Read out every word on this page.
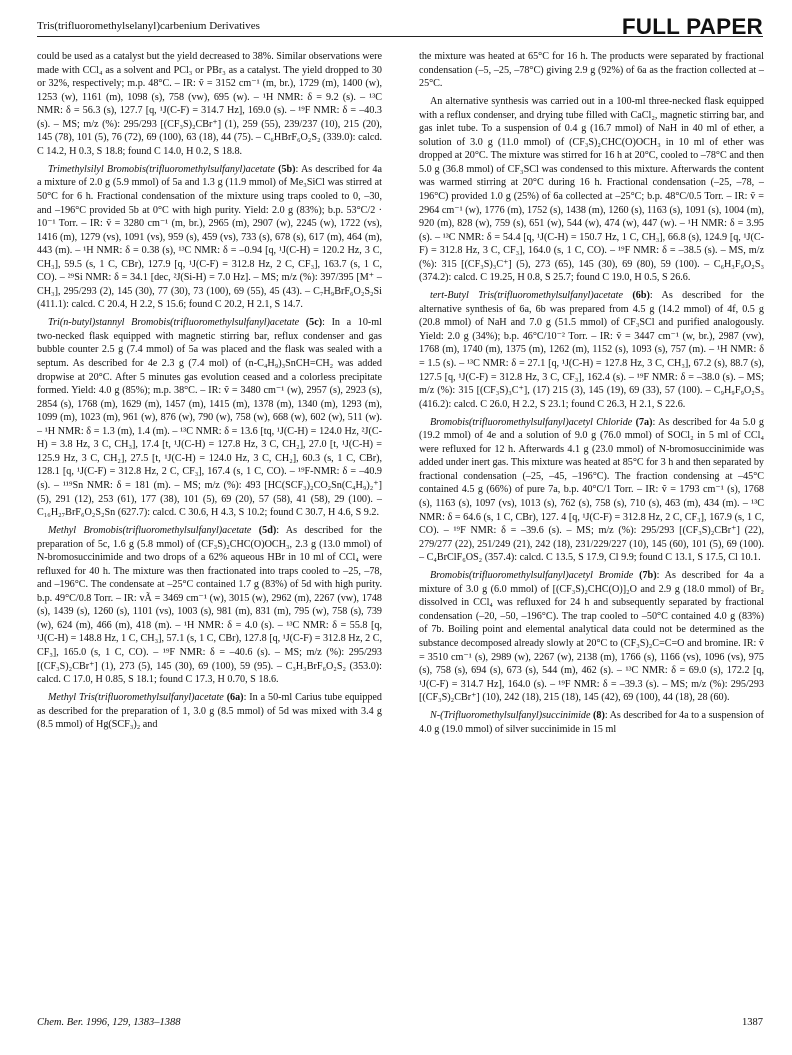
Tris(trifluoromethylselanyl)carbenium Derivatives	FULL PAPER

could be used as a catalyst but the yield decreased to 38%. Similar observations were made with CCl₄ as a solvent and PCl₃ or PBr₃ as a catalyst. The yield dropped to 30 or 32%, respectively; m.p. 48°C. – IR: ṽ = 3152 cm⁻¹ (m, br.), 1729 (m), 1400 (w), 1253 (w), 1161 (m), 1098 (s), 758 (vw), 695 (w). – ¹H NMR: δ = 9.2 (s). – ¹³C NMR: δ = 56.3 (s), 127.7 [q, ¹J(C-F) = 314.7 Hz], 169.0 (s). – ¹⁹F NMR: δ = –40.3 (s). – MS; m/z (%): 295/293 [(CF₃S)₂CBr⁺] (1), 259 (55), 239/237 (10), 215 (20), 145 (78), 101 (5), 76 (72), 69 (100), 63 (18), 44 (75). – C₆HBrF₆O₂S₂ (339.0): calcd. C 14.2, H 0.3, S 18.8; found C 14.0, H 0.2, S 18.8.

Trimethylsilyl Bromobis(trifluoromethylsulfanyl)acetate (5b): As described for 4a a mixture of 2.0 g (5.9 mmol) of 5a and 1.3 g (11.9 mmol) of Me₃SiCl was stirred at 50°C for 6 h. Fractional condensation of the mixture using traps cooled to 0, –30, and –196°C provided 5b at 0°C with high purity. Yield: 2.0 g (83%); b.p. 53°C/2 · 10⁻¹ Torr. – IR: ṽ = 3280 cm⁻¹ (m, br.), 2965 (m), 2907 (w), 2245 (w), 1722 (vs), 1416 (m), 1279 (vs), 1091 (vs), 959 (s), 459 (vs), 733 (s), 678 (s), 617 (m), 464 (m), 443 (m). – ¹H NMR: δ = 0.38 (s), ¹³C NMR: δ = –0.94 [q, ¹J(C-H) = 120.2 Hz, 3 C, CH₃], 59.5 (s, 1 C, CBr), 127.9 [q, ¹J(C-F) = 312.8 Hz, 2 C, CF₃], 163.7 (s, 1 C, CO). – ²⁹Si NMR: δ = 34.1 [dec, ²J(Si-H) = 7.0 Hz]. – MS; m/z (%): 397/395 [M⁺ – CH₃], 295/293 (2), 145 (30), 77 (30), 73 (100), 69 (55), 45 (43). – C₇H₉BrF₆O₂S₂Si (411.1): calcd. C 20.4, H 2.2, S 15.6; found C 20.2, H 2.1, S 14.7.

Tri(n-butyl)stannyl Bromobis(trifluoromethylsulfanyl)acetate (5c): In a 10-ml two-necked flask equipped with magnetic stirring bar, reflux condenser and gas bubble counter 2.5 g (7.4 mmol) of 5a was placed and the flask was sealed with a septum. As described for 4e 2.3 g (7.4 mol) of (n-C₄H₉)₃SnCH=CH₂ was added dropwise at 20°C. After 5 minutes gas evolution ceased and a colorless precipitate formed. Yield: 4.0 g (85%); m.p. 38°C. – IR: ṽ = 3480 cm⁻¹ (w), 2957 (s), 2923 (s), 2854 (s), 1768 (m), 1629 (m), 1457 (m), 1415 (m), 1378 (m), 1340 (m), 1293 (m), 1099 (m), 1023 (m), 961 (w), 876 (w), 790 (w), 758 (w), 668 (w), 602 (w), 511 (w). – ¹H NMR: δ = 1.3 (m), 1.4 (m). – ¹³C NMR: δ = 13.6 [tq, ¹J(C-H) = 124.0 Hz, ²J(C-H) = 3.8 Hz, 3 C, CH₃], 17.4 [t, ¹J(C-H) = 127.8 Hz, 3 C, CH₂], 27.0 [t, ¹J(C-H) = 125.9 Hz, 3 C, CH₂], 27.5 [t, ¹J(C-H) = 124.0 Hz, 3 C, CH₂], 60.3 (s, 1 C, CBr), 128.1 [q, ¹J(C-F) = 312.8 Hz, 2 C, CF₃], 167.4 (s, 1 C, CO). – ¹⁹F-NMR: δ = –40.9 (s). – ¹¹⁹Sn NMR: δ = 181 (m). – MS; m/z (%): 493 [HC(SCF₃)₂CO₂Sn(C₄H₉)₂⁺] (5), 291 (12), 253 (61), 177 (38), 101 (5), 69 (20), 57 (58), 41 (58), 29 (100). – C₁₆H₂₇BrF₆O₂S₂Sn (627.7): calcd. C 30.6, H 4.3, S 10.2; found C 30.7, H 4.6, S 9.2.

Methyl Bromobis(trifluoromethylsulfanyl)acetate (5d): As described for the preparation of 5c, 1.6 g (5.8 mmol) of (CF₃S)₂CHC(O)OCH₃, 2.3 g (13.0 mmol) of N-bromosuccinimide and two drops of a 62% aqueous HBr in 10 ml of CCl₄ were refluxed for 40 h. The mixture was then fractionated into traps cooled to –25, –78, and –196°C. The condensate at –25°C contained 1.7 g (83%) of 5d with high purity. b.p. 49°C/0.8 Torr. – IR: vÃ = 3469 cm⁻¹ (w), 3015 (w), 2962 (m), 2267 (vw), 1748 (s), 1439 (s), 1260 (s), 1101 (vs), 1003 (s), 981 (m), 831 (m), 795 (w), 758 (s), 739 (w), 624 (m), 466 (m), 418 (m). – ¹H NMR: δ = 4.0 (s). – ¹³C NMR: δ = 55.8 [q, ¹J(C-H) = 148.8 Hz, 1 C, CH₃], 57.1 (s, 1 C, CBr), 127.8 [q, ¹J(C-F) = 312.8 Hz, 2 C, CF₃], 165.0 (s, 1 C, CO). – ¹⁹F NMR: δ = –40.6 (s). – MS; m/z (%): 295/293 [(CF₃S)₂CBr⁺] (1), 273 (5), 145 (30), 69 (100), 59 (95). – C₃H₃BrF₆O₂S₂ (353.0): calcd. C 17.0, H 0.85, S 18.1; found C 17.3, H 0.70, S 18.6.

Methyl Tris(trifluoromethylsulfanyl)acetate (6a): In a 50-ml Carius tube equipped as described for the preparation of 1, 3.0 g (8.5 mmol) of 5d was mixed with 3.4 g (8.5 mmol) of Hg(SCF₃)₂ and

the mixture was heated at 65°C for 16 h. The products were separated by fractional condensation (–5, –25, –78°C) giving 2.9 g (92%) of 6a as the fraction collected at –25°C.

An alternative synthesis was carried out in a 100-ml three-necked flask equipped with a reflux condenser, and drying tube filled with CaCl₂, magnetic stirring bar, and gas inlet tube. To a suspension of 0.4 g (16.7 mmol) of NaH in 40 ml of ether, a solution of 3.0 g (11.0 mmol) of (CF₃S)₂CHC(O)OCH₃ in 10 ml of ether was dropped at 20°C. The mixture was stirred for 16 h at 20°C, cooled to –78°C and then 5.0 g (36.8 mmol) of CF₃SCl was condensed to this mixture. Afterwards the content was warmed stirring at 20°C during 16 h. Fractional condensation (–25, –78, –196°C) provided 1.0 g (25%) of 6a collected at –25°C; b.p. 48°C/0.5 Torr. – IR: ṽ = 2964 cm⁻¹ (w), 1776 (m), 1752 (s), 1438 (m), 1260 (s), 1163 (s), 1091 (s), 1004 (m), 920 (m), 828 (w), 759 (s), 651 (w), 544 (w), 474 (w), 447 (w). – ¹H NMR: δ = 3.95 (s). – ¹³C NMR: δ = 54.4 [q, ¹J(C-H) = 150.7 Hz, 1 C, CH₃], 66.8 (s), 124.9 [q, ¹J(C-F) = 312.8 Hz, 3 C, CF₃], 164.0 (s, 1 C, CO). – ¹⁹F NMR: δ = –38.5 (s). – MS, m/z (%): 315 [(CF₃S)₃C⁺] (5), 273 (65), 145 (30), 69 (80), 59 (100). – C₆H₃F₉O₂S₃ (374.2): calcd. C 19.25, H 0.8, S 25.7; found C 19.0, H 0.5, S 26.6.

tert-Butyl Tris(trifluoromethylsulfanyl)acetate (6b): As described for the alternative synthesis of 6a, 6b was prepared from 4.5 g (14.2 mmol) of 4f, 0.5 g (20.8 mmol) of NaH and 7.0 g (51.5 mmol) of CF₃SCl and purified analogously. Yield: 2.0 g (34%); b.p. 46°C/10⁻² Torr. – IR: ṽ = 3447 cm⁻¹ (w, br.), 2987 (vw), 1768 (m), 1740 (m), 1375 (m), 1262 (m), 1152 (s), 1093 (s), 757 (m). – ¹H NMR: δ = 1.5 (s). – ¹³C NMR: δ = 27.1 [q, ¹J(C-H) = 127.8 Hz, 3 C, CH₃], 67.2 (s), 88.7 (s), 127.5 [q, ¹J(C-F) = 312.8 Hz, 3 C, CF₃], 162.4 (s). – ¹⁹F NMR: δ = –38.0 (s). – MS; m/z (%): 315 [(CF₃S)₃C⁺], (17) 215 (3), 145 (19), 69 (33), 57 (100). – C₉H₉F₉O₂S₃ (416.2): calcd. C 26.0, H 2.2, S 23.1; found C 26.3, H 2.1, S 22.6.

Bromobis(trifluoromethylsulfanyl)acetyl Chloride (7a): As described for 4a 5.0 g (19.2 mmol) of 4e and a solution of 9.0 g (76.0 mmol) of SOCl₂ in 5 ml of CCl₄ were refluxed for 12 h. Afterwards 4.1 g (23.0 mmol) of N-bromosuccinimide was added under inert gas. This mixture was heated at 85°C for 3 h and then separated by fractional condensation (–25, –45, –196°C). The fraction condensing at –45°C contained 4.5 g (66%) of pure 7a, b.p. 40°C/1 Torr. – IR: ṽ = 1793 cm⁻¹ (s), 1768 (s), 1163 (s), 1097 (vs), 1013 (s), 762 (s), 758 (s), 710 (s), 463 (m), 434 (m). – ¹³C NMR: δ = 64.6 (s, 1 C, CBr), 127. 4 [q, ¹J(C-F) = 312.8 Hz, 2 C, CF₃], 167.9 (s, 1 C, CO). – ¹⁹F NMR: δ = –39.6 (s). – MS; m/z (%): 295/293 [(CF₃S)₂CBr⁺] (22), 279/277 (22), 251/249 (21), 242 (18), 231/229/227 (10), 145 (60), 101 (5), 69 (100). – C₄BrClF₆OS₂ (357.4): calcd. C 13.5, S 17.9, Cl 9.9; found C 13.1, S 17.5, Cl 10.1.

Bromobis(trifluoromethylsulfanyl)acetyl Bromide (7b): As described for 4a a mixture of 3.0 g (6.0 mmol) of [(CF₃S)₂CHC(O)]₂O and 2.9 g (18.0 mmol) of Br₂ dissolved in CCl₄ was refluxed for 24 h and subsequently separated by fractional condensation (–20, –50, –196°C). The trap cooled to –50°C contained 4.0 g (83%) of 7b. Boiling point and elemental analytical data could not be determined as the substance decomposed already slowly at 20°C to (CF₃S)₂C=C=O and bromine. IR: ṽ = 3510 cm⁻¹ (s), 2989 (w), 2267 (w), 2138 (m), 1766 (s), 1166 (vs), 1096 (vs), 975 (s), 758 (s), 694 (s), 673 (s), 544 (m), 462 (s). – ¹³C NMR: δ = 69.0 (s), 172.2 [q, ¹J(C-F) = 314.7 Hz], 164.0 (s). – ¹⁹F NMR: δ = –39.3 (s). – MS; m/z (%): 295/293 [(CF₃S)₂CBr⁺] (10), 242 (18), 215 (18), 145 (42), 69 (100), 44 (18), 28 (60).

N-(Trifluoromethylsulfanyl)succinimide (8): As described for 4a to a suspension of 4.0 g (19.0 mmol) of silver succinimide in 15 ml

Chem. Ber. 1996, 129, 1383–1388	1387
